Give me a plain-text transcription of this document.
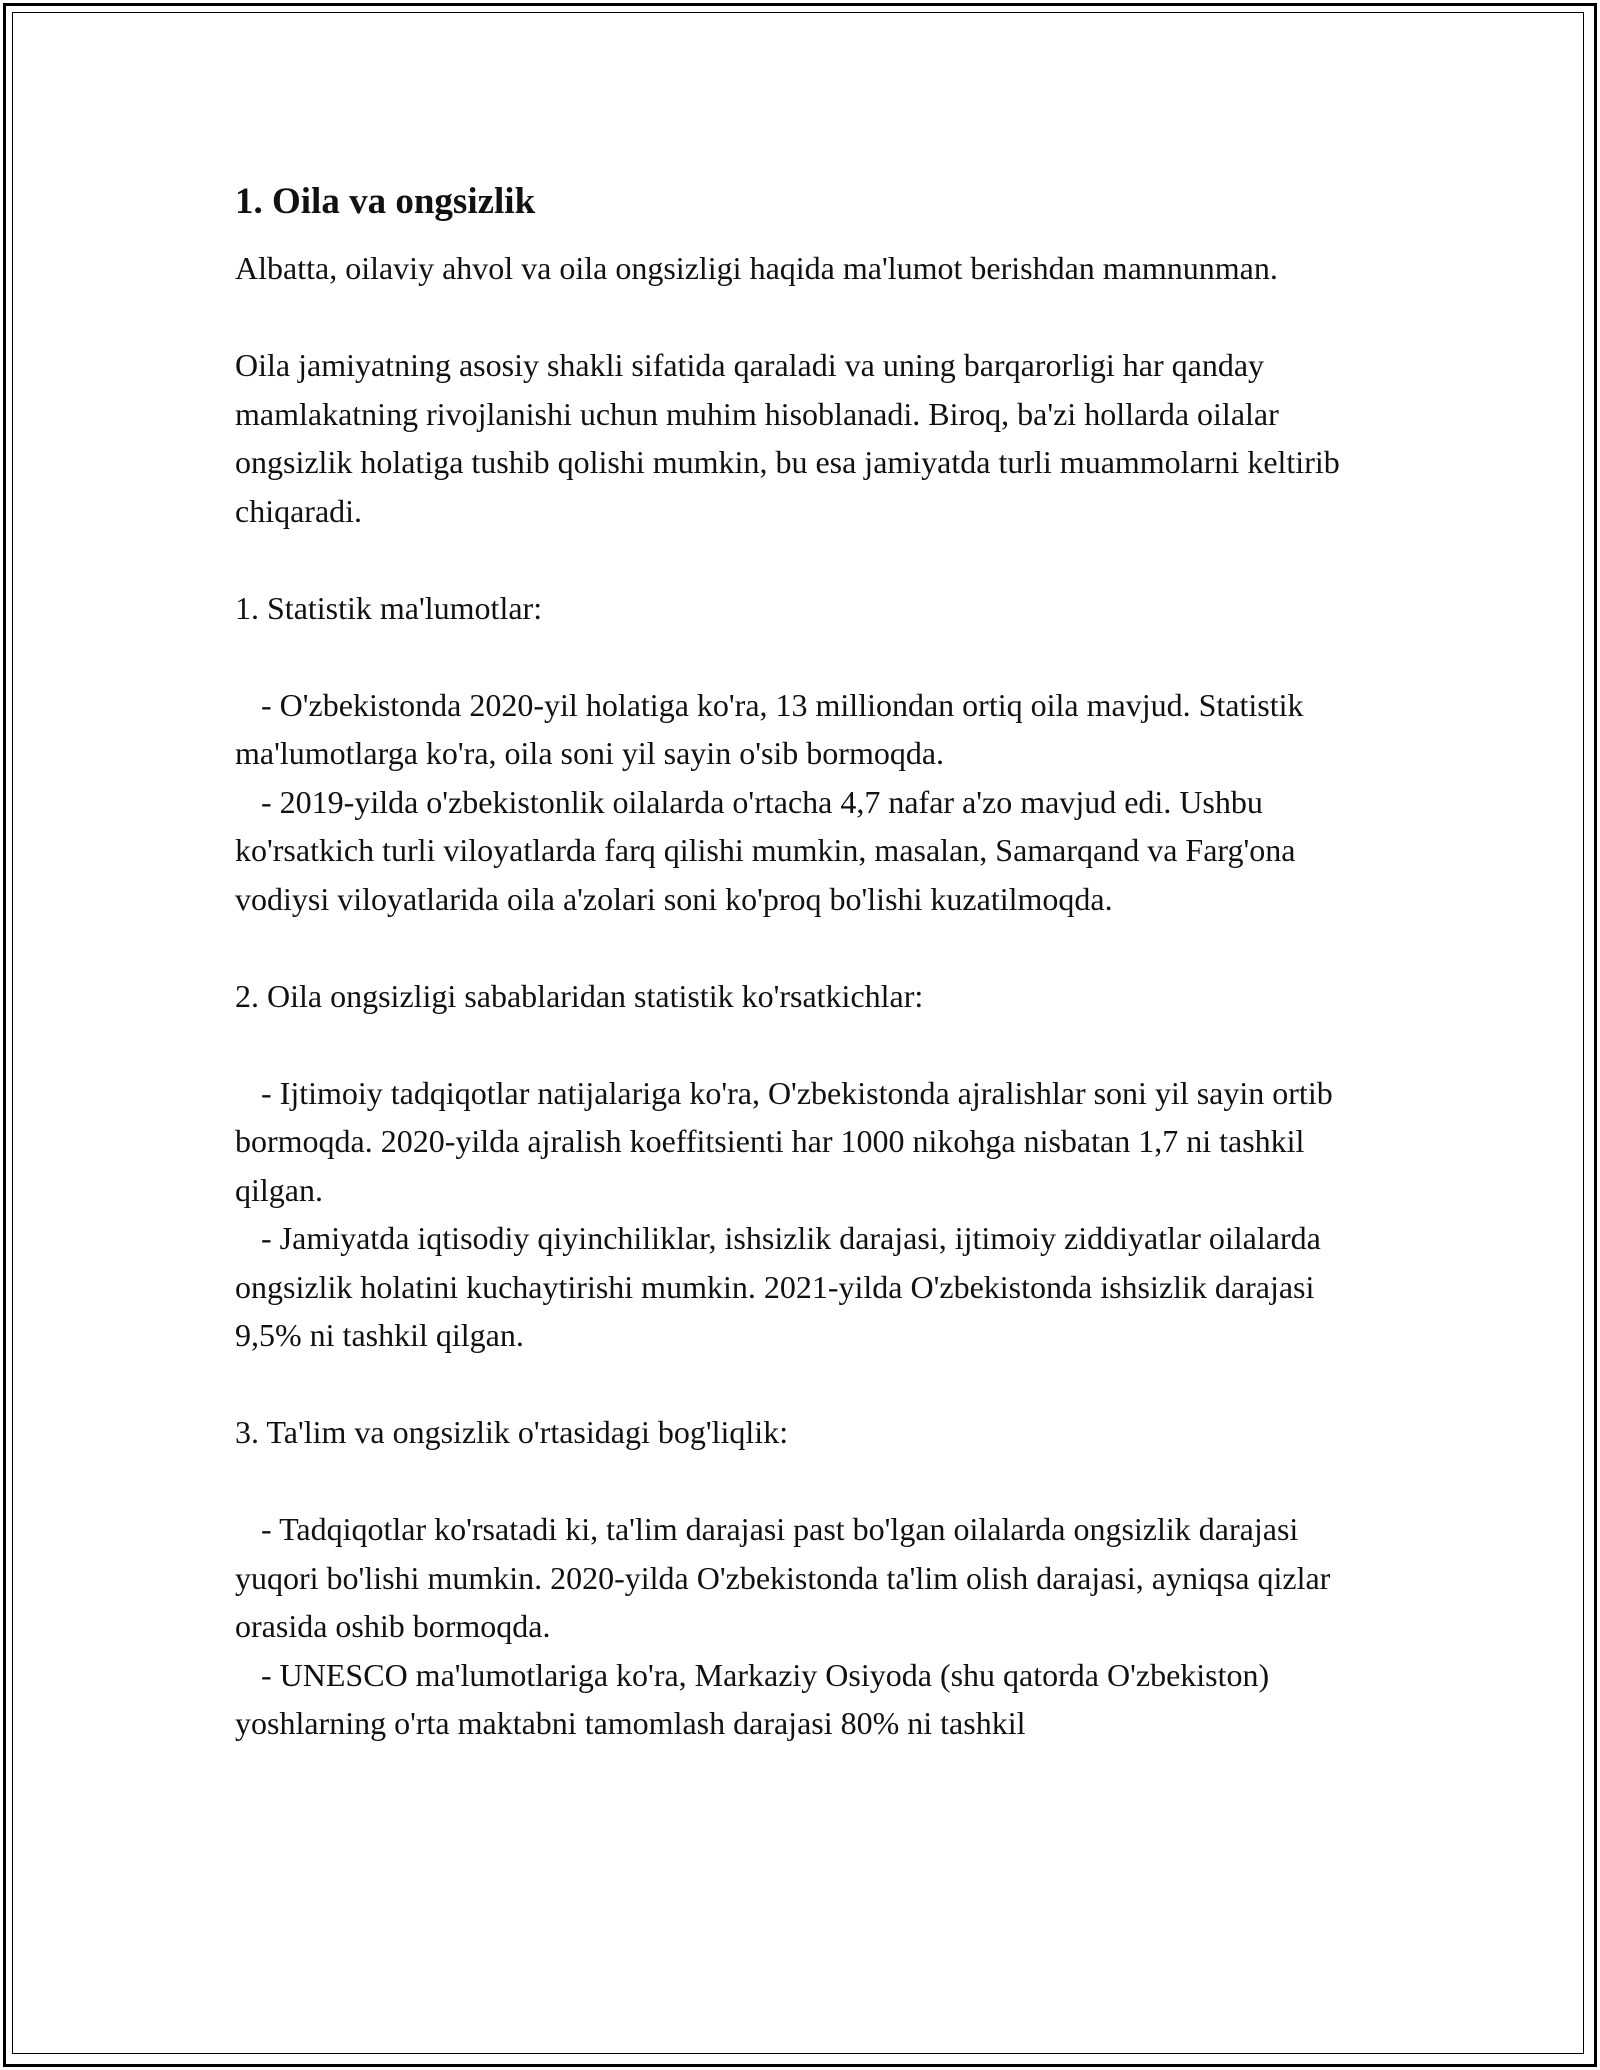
1. Oila va ongsizlik

Albatta, oilaviy ahvol va oila ongsizligi haqida ma'lumot berishdan mamnunman.

Oila jamiyatning asosiy shakli sifatida qaraladi va uning barqarorligi har qanday mamlakatning rivojlanishi uchun muhim hisoblanadi. Biroq, ba'zi hollarda oilalar ongsizlik holatiga tushib qolishi mumkin, bu esa jamiyatda turli muammolarni keltirib chiqaradi.

1. Statistik ma'lumotlar:

- O'zbekistonda 2020-yil holatiga ko'ra, 13 milliondan ortiq oila mavjud. Statistik ma'lumotlarga ko'ra, oila soni yil sayin o'sib bormoqda.

- 2019-yilda o'zbekistonlik oilalarda o'rtacha 4,7 nafar a'zo mavjud edi. Ushbu ko'rsatkich turli viloyatlarda farq qilishi mumkin, masalan, Samarqand va Farg'ona vodiysi viloyatlarida oila a'zolari soni ko'proq bo'lishi kuzatilmoqda.

2. Oila ongsizligi sabablaridan statistik ko'rsatkichlar:

- Ijtimoiy tadqiqotlar natijalariga ko'ra, O'zbekistonda ajralishlar soni yil sayin ortib bormoqda. 2020-yilda ajralish koeffitsienti har 1000 nikohga nisbatan 1,7 ni tashkil qilgan.

- Jamiyatda iqtisodiy qiyinchiliklar, ishsizlik darajasi, ijtimoiy ziddiyatlar oilalarda ongsizlik holatini kuchaytirishi mumkin. 2021-yilda O'zbekistonda ishsizlik darajasi 9,5% ni tashkil qilgan.

3. Ta'lim va ongsizlik o'rtasidagi bog'liqlik:

- Tadqiqotlar ko'rsatadi ki, ta'lim darajasi past bo'lgan oilalarda ongsizlik darajasi yuqori bo'lishi mumkin. 2020-yilda O'zbekistonda ta'lim olish darajasi, ayniqsa qizlar orasida oshib bormoqda.

- UNESCO ma'lumotlariga ko'ra, Markaziy Osiyoda (shu qatorda O'zbekiston) yoshlarning o'rta maktabni tamomlash darajasi 80% ni tashkil
